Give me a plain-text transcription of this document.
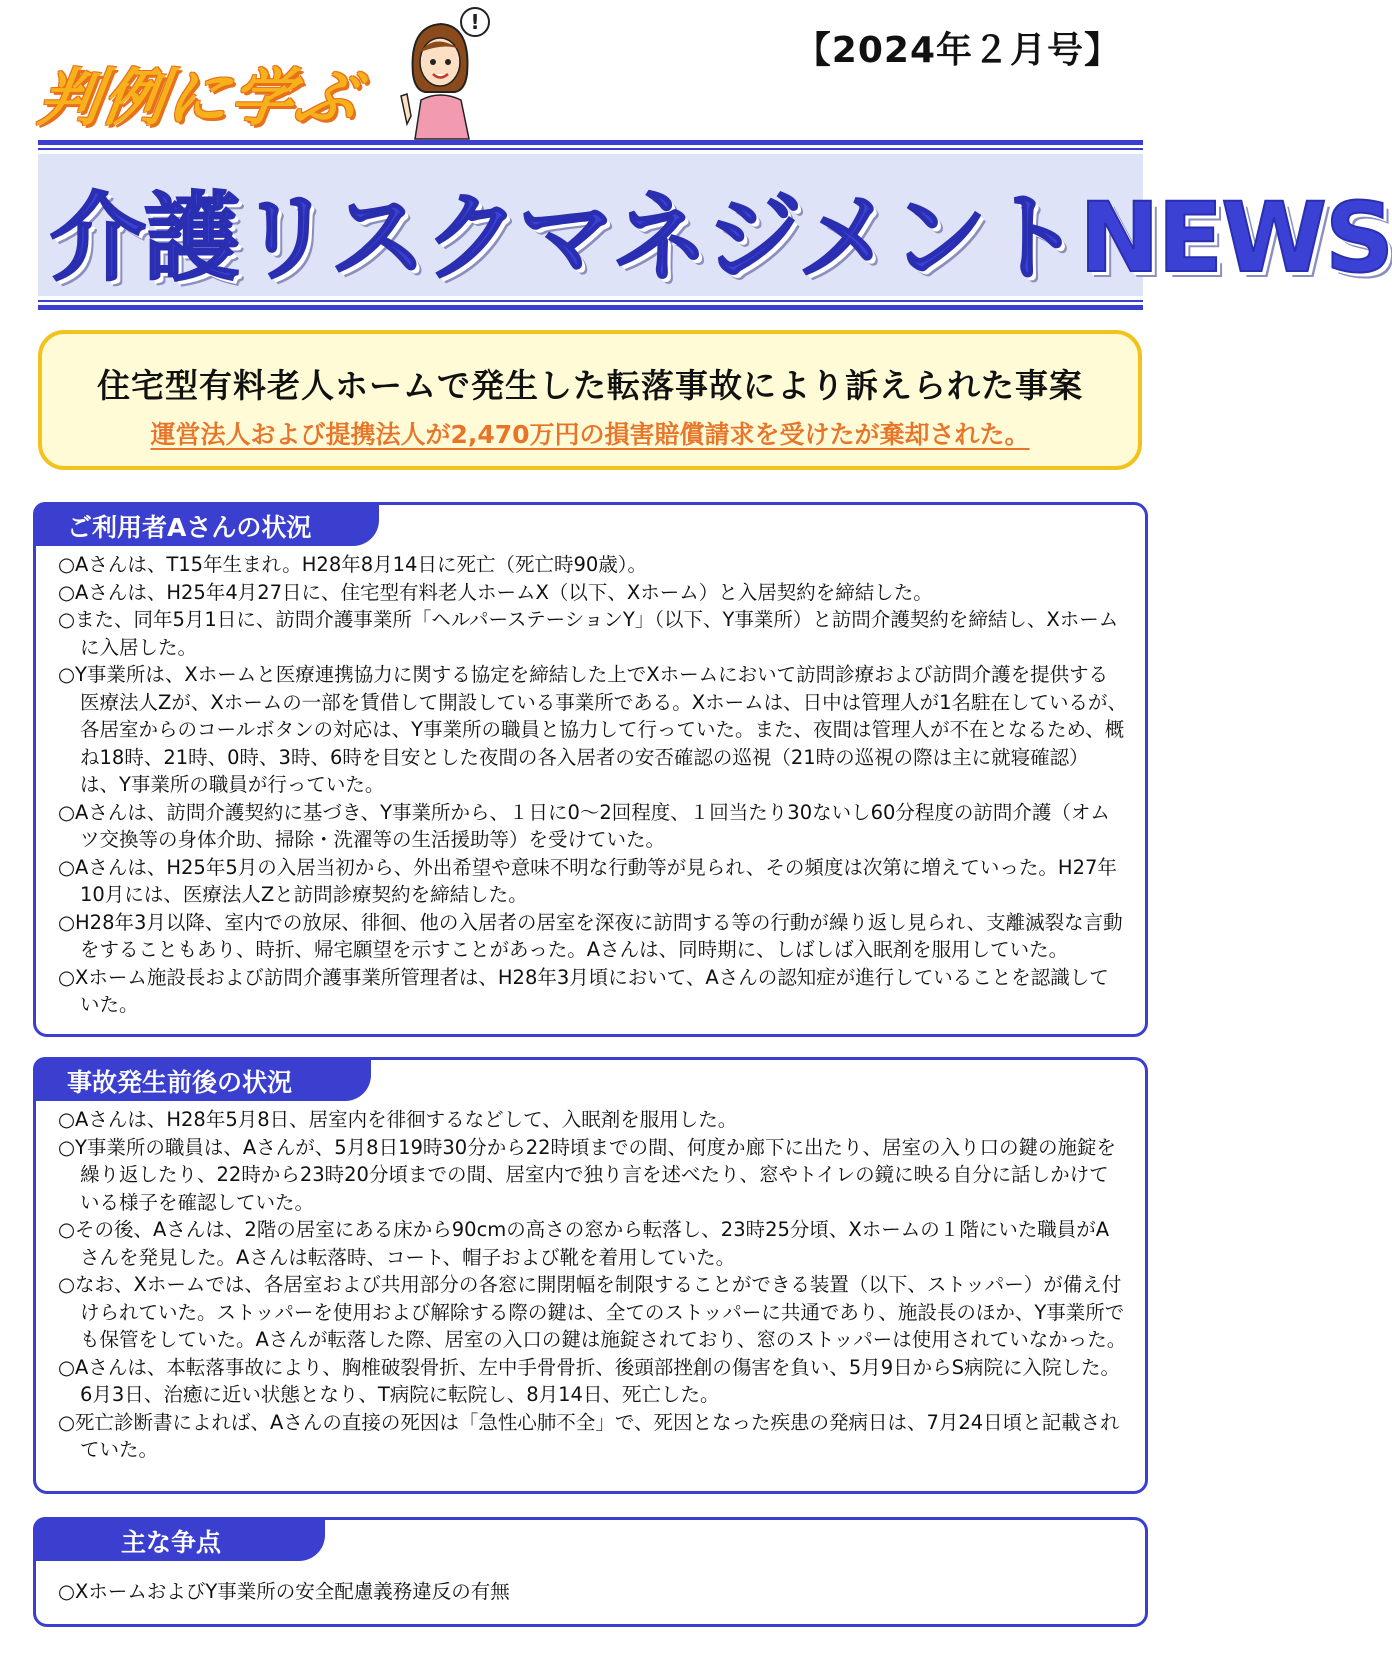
判例に学ぶ
!
【2024年２月号】
介護リスクマネジメントNEWS
住宅型有料老人ホームで発生した転落事故により訴えられた事案
運営法人および提携法人が2,470万円の損害賠償請求を受けたが棄却された。
ご利用者Aさんの状況
○Aさんは、T15年生まれ。H28年8月14日に死亡（死亡時90歳）。
○Aさんは、H25年4月27日に、住宅型有料老人ホームX（以下、Xホーム）と入居契約を締結した。
○また、同年5月1日に、訪問介護事業所「ヘルパーステーションY」（以下、Y事業所）と訪問介護契約を締結し、Xホームに入居した。
○Y事業所は、Xホームと医療連携協力に関する協定を締結した上でXホームにおいて訪問診療および訪問介護を提供する医療法人Zが、Xホームの一部を賃借して開設している事業所である。Xホームは、日中は管理人が1名駐在しているが、各居室からのコールボタンの対応は、Y事業所の職員と協力して行っていた。また、夜間は管理人が不在となるため、概ね18時、21時、0時、3時、6時を目安とした夜間の各入居者の安否確認の巡視（21時の巡視の際は主に就寝確認）は、Y事業所の職員が行っていた。
○Aさんは、訪問介護契約に基づき、Y事業所から、１日に0～2回程度、１回当たり30ないし60分程度の訪問介護（オムツ交換等の身体介助、掃除・洗濯等の生活援助等）を受けていた。
○Aさんは、H25年5月の入居当初から、外出希望や意味不明な行動等が見られ、その頻度は次第に増えていった。H27年10月には、医療法人Zと訪問診療契約を締結した。
○H28年3月以降、室内での放尿、徘徊、他の入居者の居室を深夜に訪問する等の行動が繰り返し見られ、支離滅裂な言動をすることもあり、時折、帰宅願望を示すことがあった。Aさんは、同時期に、しばしば入眠剤を服用していた。
○Xホーム施設長および訪問介護事業所管理者は、H28年3月頃において、Aさんの認知症が進行していることを認識していた。
事故発生前後の状況
○Aさんは、H28年5月8日、居室内を徘徊するなどして、入眠剤を服用した。
○Y事業所の職員は、Aさんが、5月8日19時30分から22時頃までの間、何度か廊下に出たり、居室の入り口の鍵の施錠を繰り返したり、22時から23時20分頃までの間、居室内で独り言を述べたり、窓やトイレの鏡に映る自分に話しかけている様子を確認していた。
○その後、Aさんは、2階の居室にある床から90cmの高さの窓から転落し、23時25分頃、Xホームの１階にいた職員がAさんを発見した。Aさんは転落時、コート、帽子および靴を着用していた。
○なお、Xホームでは、各居室および共用部分の各窓に開閉幅を制限することができる装置（以下、ストッパー）が備え付けられていた。ストッパーを使用および解除する際の鍵は、全てのストッパーに共通であり、施設長のほか、Y事業所でも保管をしていた。Aさんが転落した際、居室の入口の鍵は施錠されており、窓のストッパーは使用されていなかった。
○Aさんは、本転落事故により、胸椎破裂骨折、左中手骨骨折、後頭部挫創の傷害を負い、5月9日からS病院に入院した。6月3日、治癒に近い状態となり、T病院に転院し、8月14日、死亡した。
○死亡診断書によれば、Aさんの直接の死因は「急性心肺不全」で、死因となった疾患の発病日は、7月24日頃と記載されていた。
主な争点
○XホームおよびY事業所の安全配慮義務違反の有無
